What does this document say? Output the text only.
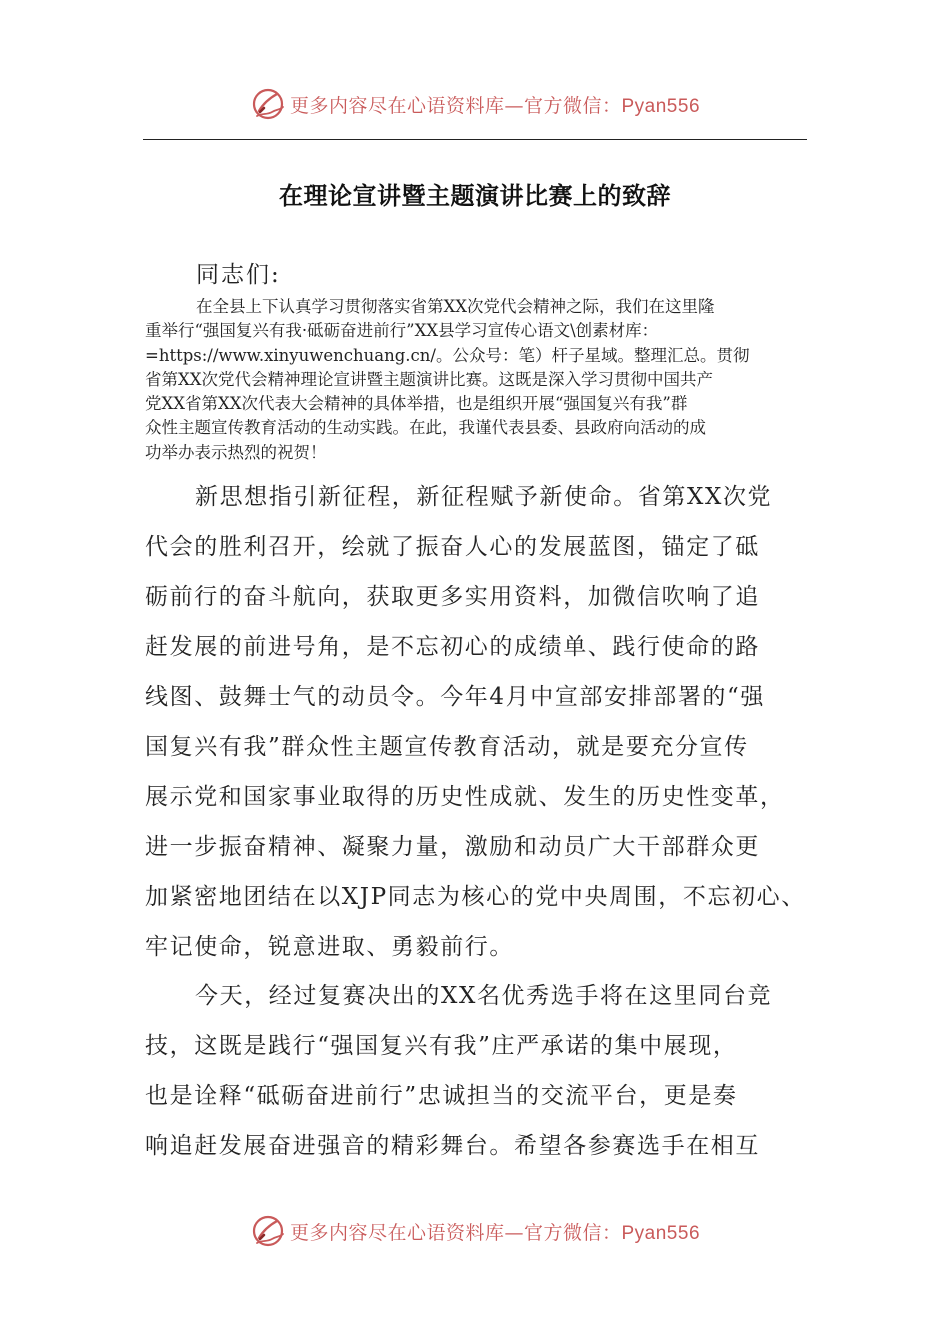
更多内容尽在心语资料库—官方微信：Pyan556
在理论宣讲暨主题演讲比赛上的致辞

同志们:

在全县上下认真学习贯彻落实省第XX次党代会精神之际，我们在这里隆
重举行“强国复兴有我·砥砺奋进前行”XX县学习宣传心语文\创素材库：
=https://www.xinyuwenchuang.cn/。公众号：笔）杆子星域。整理汇总。贯彻
省第XX次党代会精神理论宣讲暨主题演讲比赛。这既是深入学习贯彻中国共产
党XX省第XX次代表大会精神的具体举措，也是组织开展“强国复兴有我”群
众性主题宣传教育活动的生动实践。在此，我谨代表县委、县政府向活动的成
功举办表示热烈的祝贺！

新思想指引新征程，新征程赋予新使命。省第XX次党
代会的胜利召开，绘就了振奋人心的发展蓝图，锚定了砥
砺前行的奋斗航向，获取更多实用资料，加微信吹响了追
赶发展的前进号角，是不忘初心的成绩单、践行使命的路
线图、鼓舞士气的动员令。今年4月中宣部安排部署的“强
国复兴有我”群众性主题宣传教育活动，就是要充分宣传
展示党和国家事业取得的历史性成就、发生的历史性变革，
进一步振奋精神、凝聚力量，激励和动员广大干部群众更
加紧密地团结在以XJP同志为核心的党中央周围，不忘初心、
牢记使命，锐意进取、勇毅前行。

今天，经过复赛决出的XX名优秀选手将在这里同台竞
技，这既是践行“强国复兴有我”庄严承诺的集中展现，
也是诠释“砥砺奋进前行”忠诚担当的交流平台，更是奏
响追赶发展奋进强音的精彩舞台。希望各参赛选手在相互

更多内容尽在心语资料库—官方微信：Pyan556
